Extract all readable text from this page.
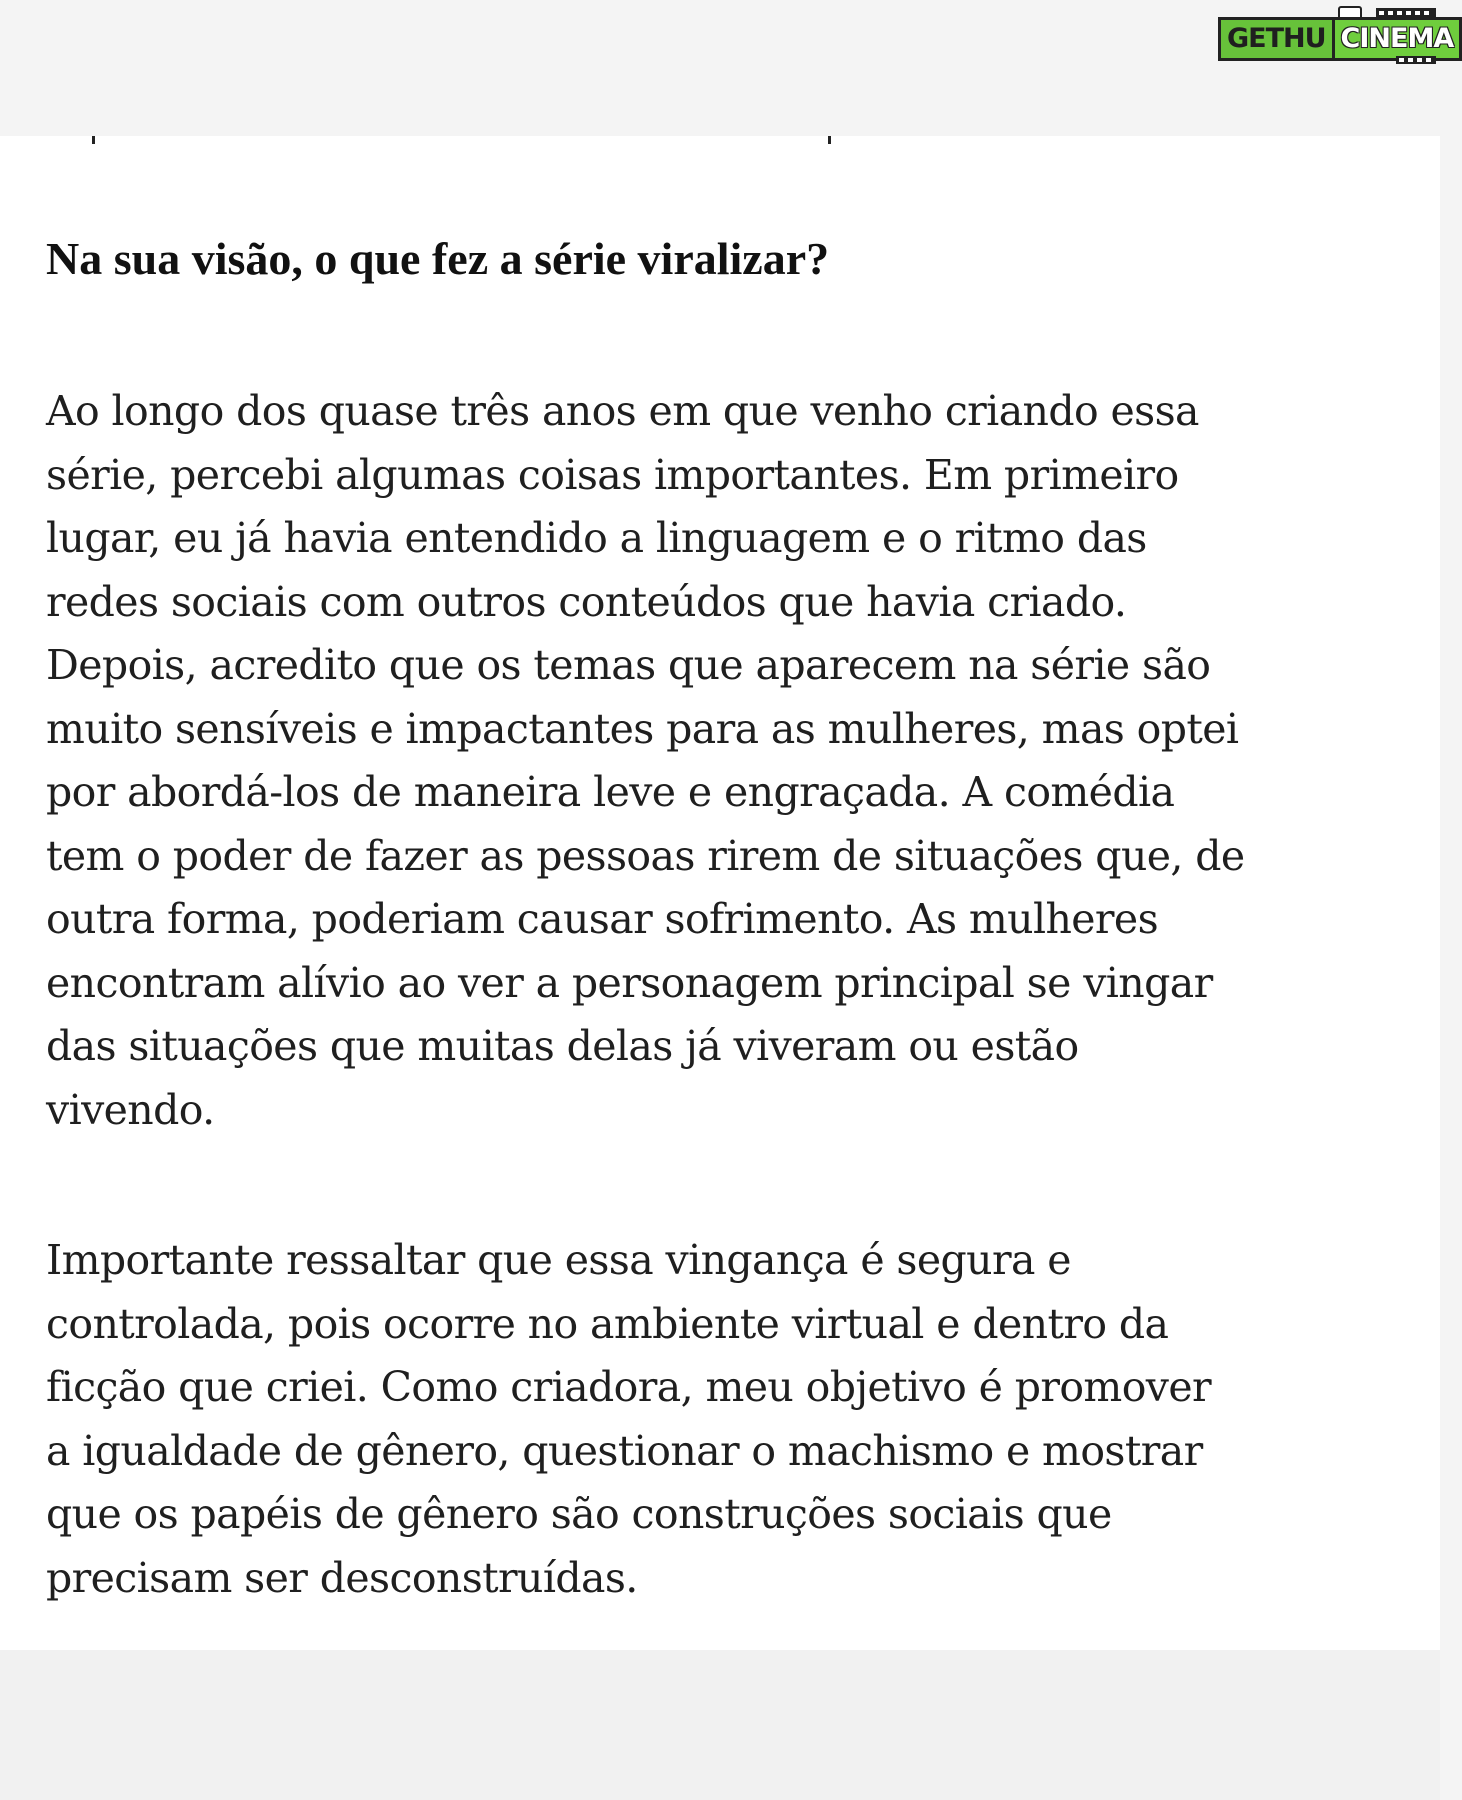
GETHU CINEMA
Na sua visão, o que fez a série viralizar?

Ao longo dos quase três anos em que venho criando essa
série, percebi algumas coisas importantes. Em primeiro
lugar, eu já havia entendido a linguagem e o ritmo das
redes sociais com outros conteúdos que havia criado.
Depois, acredito que os temas que aparecem na série são
muito sensíveis e impactantes para as mulheres, mas optei
por abordá-los de maneira leve e engraçada. A comédia
tem o poder de fazer as pessoas rirem de situações que, de
outra forma, poderiam causar sofrimento. As mulheres
encontram alívio ao ver a personagem principal se vingar
das situações que muitas delas já viveram ou estão
vivendo.

Importante ressaltar que essa vingança é segura e
controlada, pois ocorre no ambiente virtual e dentro da
ficção que criei. Como criadora, meu objetivo é promover
a igualdade de gênero, questionar o machismo e mostrar
que os papéis de gênero são construções sociais que
precisam ser desconstruídas.
